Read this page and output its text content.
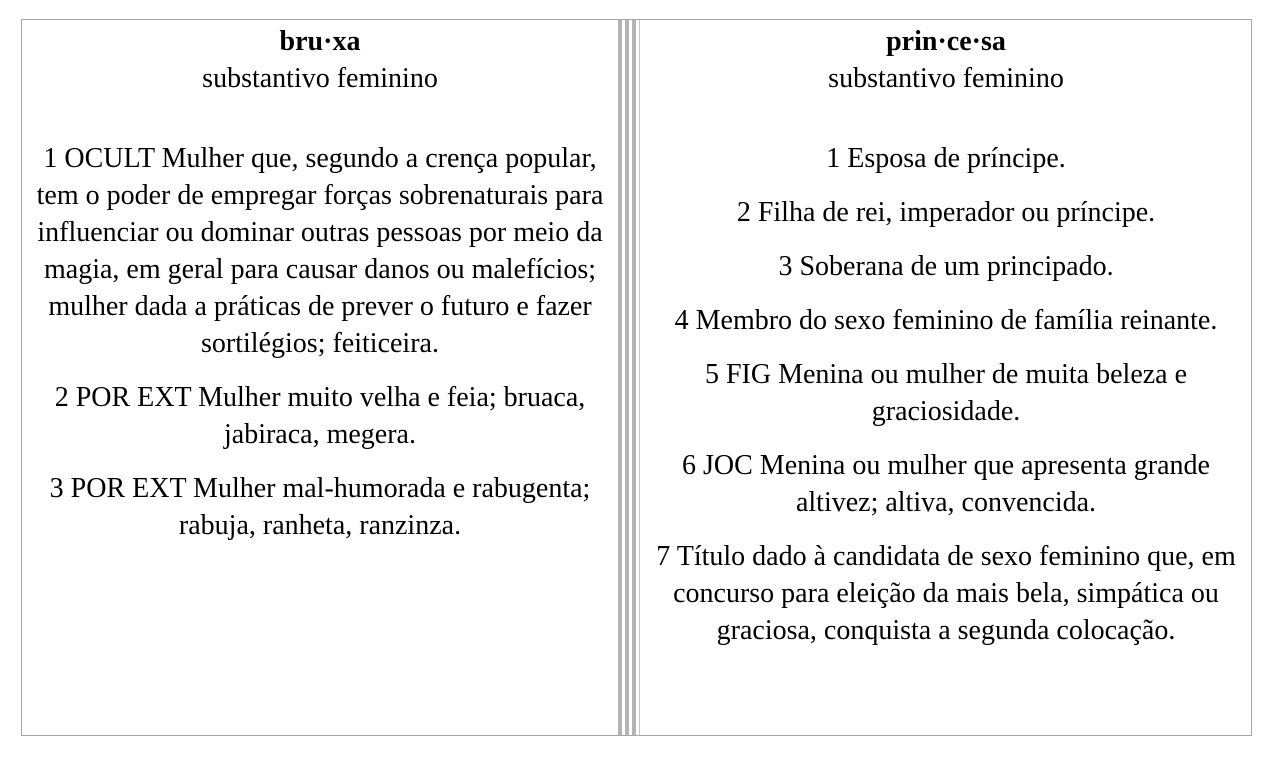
bru·xa
substantivo feminino
1 OCULT Mulher que, segundo a crença popular, tem o poder de empregar forças sobrenaturais para influenciar ou dominar outras pessoas por meio da magia, em geral para causar danos ou malefícios; mulher dada a práticas de prever o futuro e fazer sortilégios; feiticeira.
2 POR EXT Mulher muito velha e feia; bruaca, jabiraca, megera.
3 POR EXT Mulher mal-humorada e rabugenta; rabuja, ranheta, ranzinza.
prin·ce·sa
substantivo feminino
1 Esposa de príncipe.
2 Filha de rei, imperador ou príncipe.
3 Soberana de um principado.
4 Membro do sexo feminino de família reinante.
5 FIG Menina ou mulher de muita beleza e graciosidade.
6 JOC Menina ou mulher que apresenta grande altivez; altiva, convencida.
7 Título dado à candidata de sexo feminino que, em concurso para eleição da mais bela, simpática ou graciosa, conquista a segunda colocação.
